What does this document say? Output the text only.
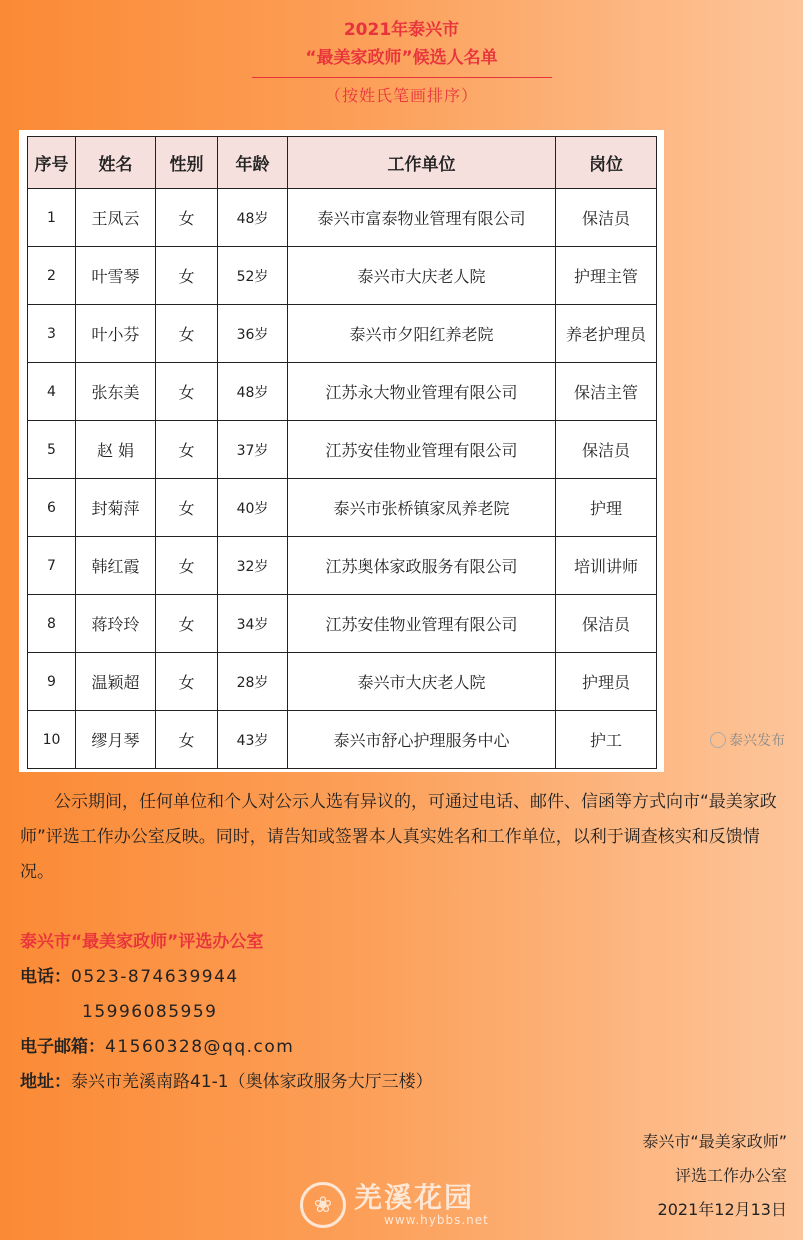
2021年泰兴市
“最美家政师”候选人名单
（按姓氏笔画排序）
序号	姓名	性别	年龄	工作单位	岗位
1	王凤云	女	48岁	泰兴市富泰物业管理有限公司	保洁员
2	叶雪琴	女	52岁	泰兴市大庆老人院	护理主管
3	叶小芬	女	36岁	泰兴市夕阳红养老院	养老护理员
4	张东美	女	48岁	江苏永大物业管理有限公司	保洁主管
5	赵 娟	女	37岁	江苏安佳物业管理有限公司	保洁员
6	封菊萍	女	40岁	泰兴市张桥镇家凤养老院	护理
7	韩红霞	女	32岁	江苏奥体家政服务有限公司	培训讲师
8	蒋玲玲	女	34岁	江苏安佳物业管理有限公司	保洁员
9	温颖超	女	28岁	泰兴市大庆老人院	护理员
10	缪月琴	女	43岁	泰兴市舒心护理服务中心	护工	泰兴发布

公示期间，任何单位和个人对公示人选有异议的，可通过电话、邮件、信函等方式向市“最美家政师”评选工作办公室反映。同时，请告知或签署本人真实姓名和工作单位，以利于调查核实和反馈情况。

泰兴市“最美家政师”评选办公室
电话：0523-874639944
15996085959
电子邮箱：41560328@qq.com
地址：泰兴市羌溪南路41-1（奥体家政服务大厅三楼）
泰兴市“最美家政师”
评选工作办公室
2021年12月13日
❀ 羌溪花园
www.hybbs.net
